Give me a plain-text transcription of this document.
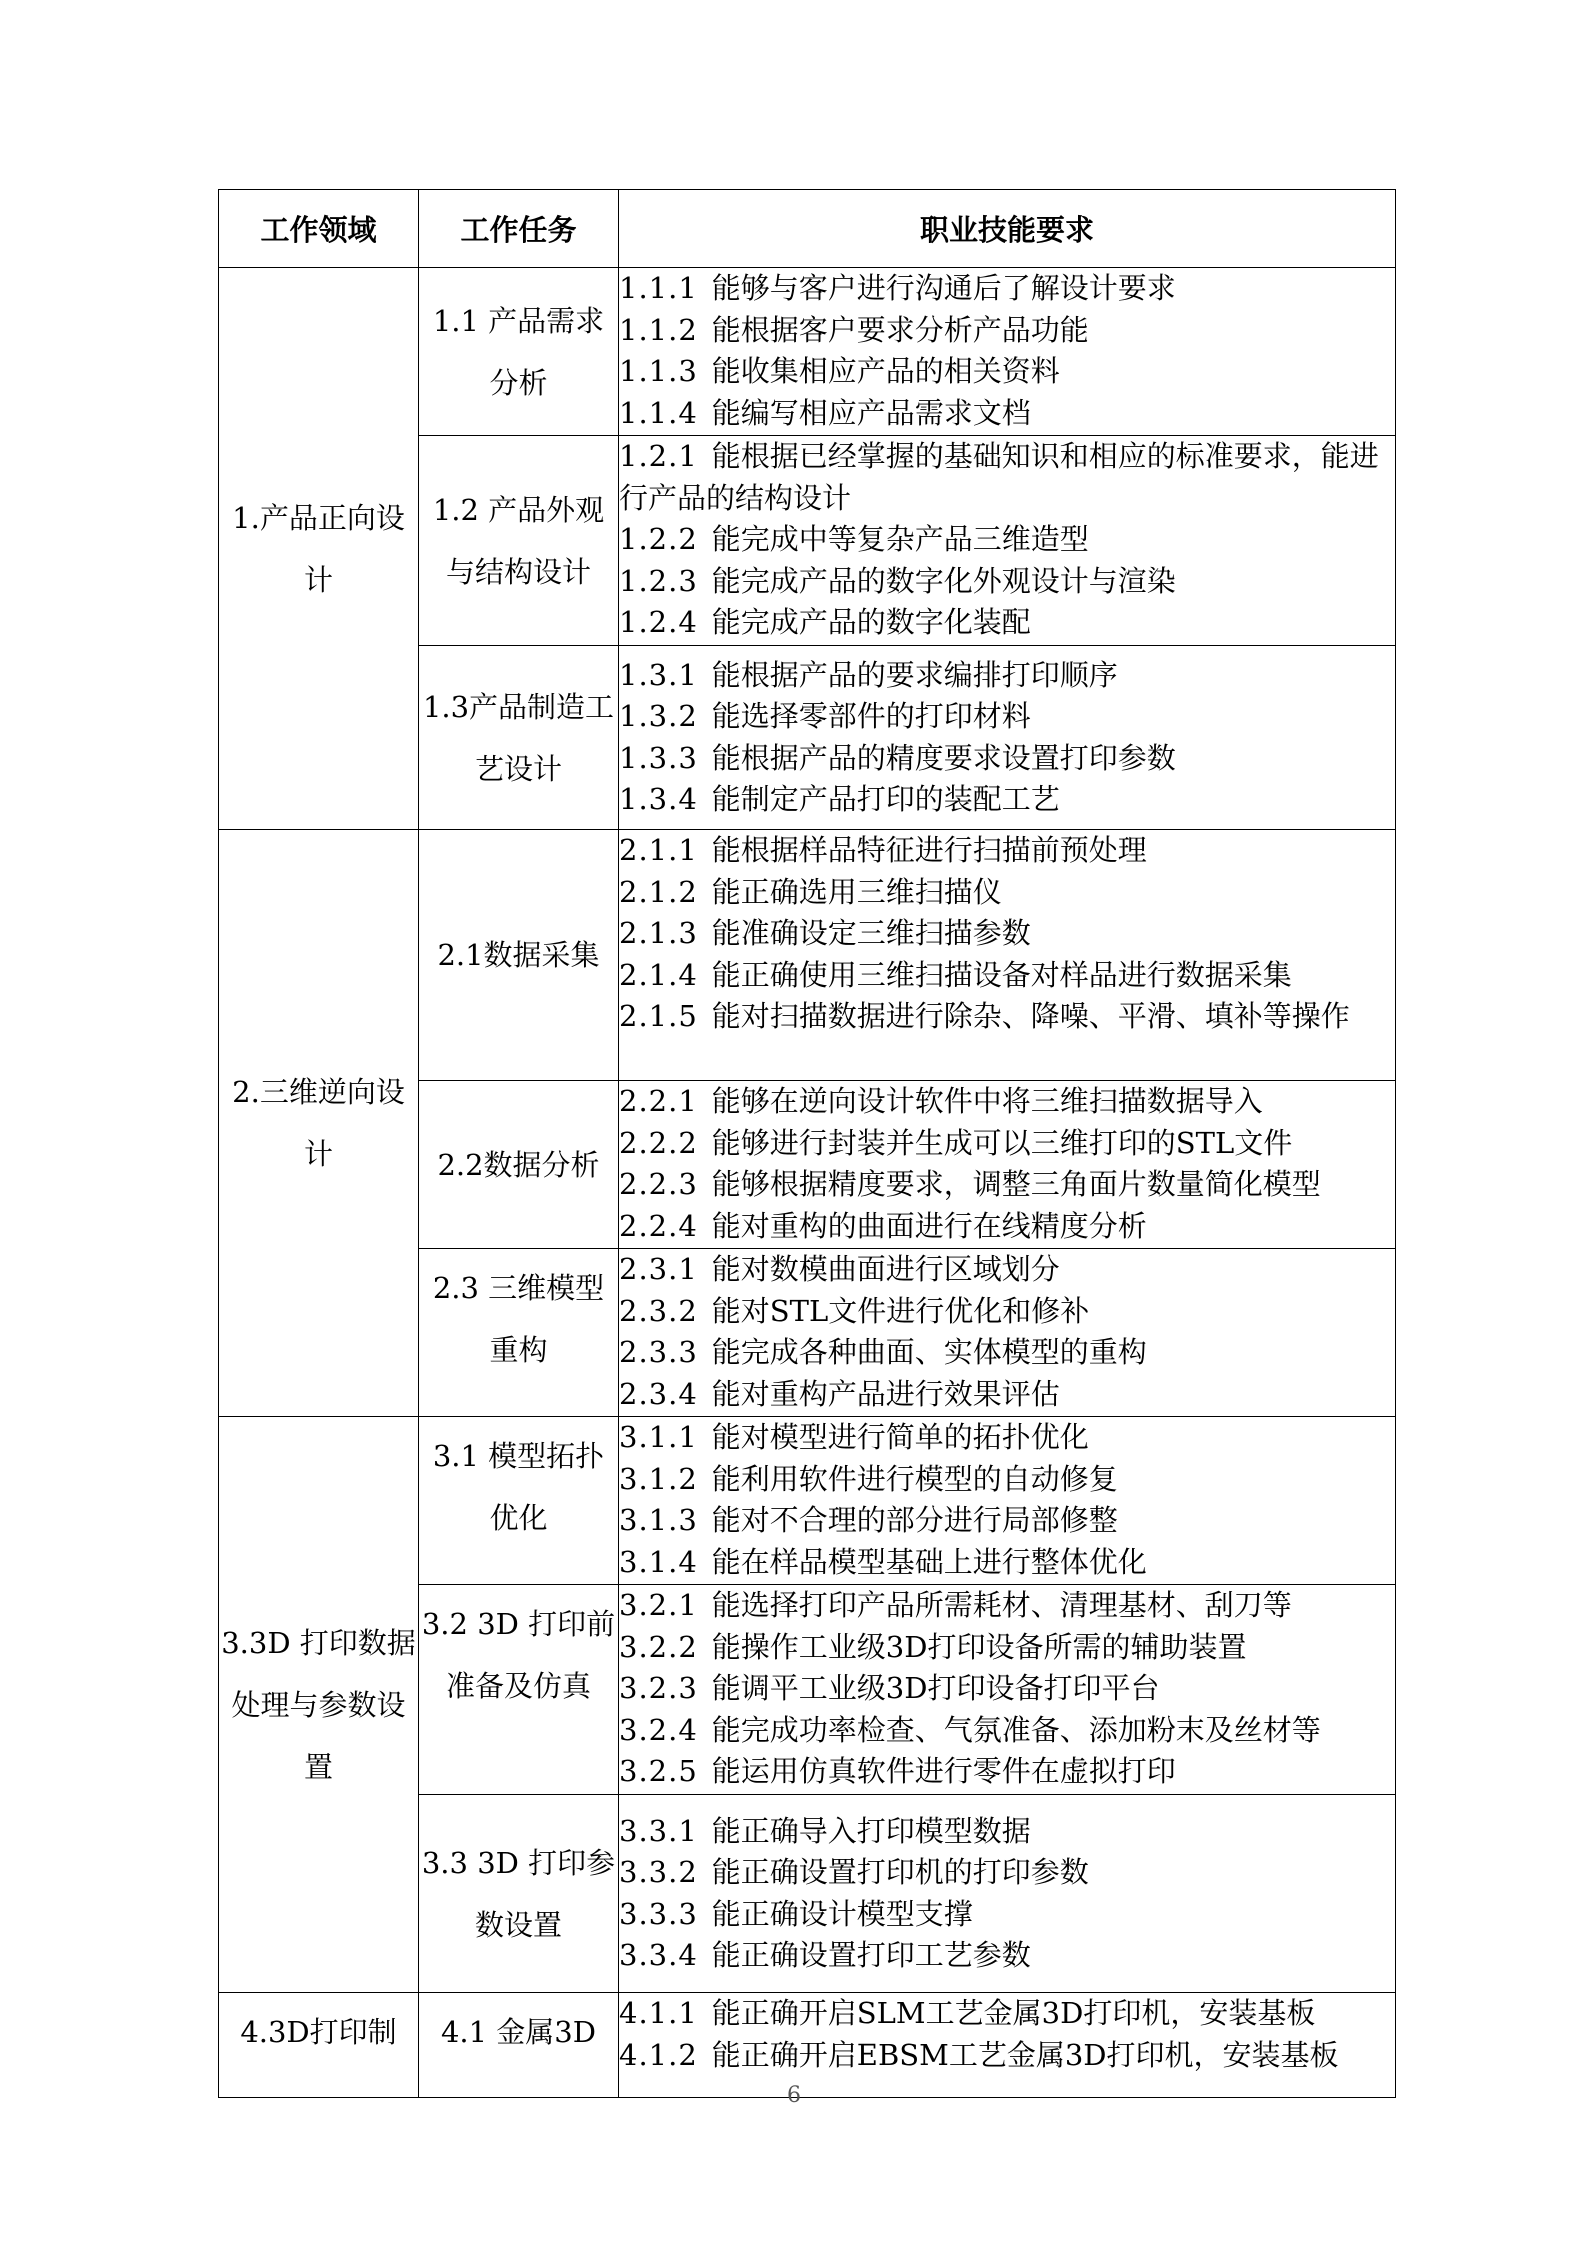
工作领域	工作任务	职业技能要求
1.产品正向设计	1.1 产品需求分析	1.1.1 能够与客户进行沟通后了解设计要求
1.1.2 能根据客户要求分析产品功能
1.1.3 能收集相应产品的相关资料
1.1.4 能编写相应产品需求文档

	1.2 产品外观与结构设计	1.2.1 能根据已经掌握的基础知识和相应的标准要求，能进行产品的结构设计
1.2.2 能完成中等复杂产品三维造型
1.2.3 能完成产品的数字化外观设计与渲染
1.2.4 能完成产品的数字化装配

	1.3产品制造工艺设计	1.3.1 能根据产品的要求编排打印顺序
1.3.2 能选择零部件的打印材料
1.3.3 能根据产品的精度要求设置打印参数
1.3.4 能制定产品打印的装配工艺

2.三维逆向设计	2.1数据采集	2.1.1 能根据样品特征进行扫描前预处理
2.1.2 能正确选用三维扫描仪
2.1.3 能准确设定三维扫描参数
2.1.4 能正确使用三维扫描设备对样品进行数据采集
2.1.5 能对扫描数据进行除杂、降噪、平滑、填补等操作

	2.2数据分析	2.2.1 能够在逆向设计软件中将三维扫描数据导入
2.2.2 能够进行封装并生成可以三维打印的STL文件
2.2.3 能够根据精度要求，调整三角面片数量简化模型
2.2.4 能对重构的曲面进行在线精度分析

	2.3 三维模型重构	2.3.1 能对数模曲面进行区域划分
2.3.2 能对STL文件进行优化和修补
2.3.3 能完成各种曲面、实体模型的重构
2.3.4 能对重构产品进行效果评估

3.3D 打印数据处理与参数设置	3.1 模型拓扑优化	3.1.1 能对模型进行简单的拓扑优化
3.1.2 能利用软件进行模型的自动修复
3.1.3 能对不合理的部分进行局部修整
3.1.4 能在样品模型基础上进行整体优化

	3.2 3D 打印前准备及仿真	3.2.1 能选择打印产品所需耗材、清理基材、刮刀等
3.2.2 能操作工业级3D打印设备所需的辅助装置
3.2.3 能调平工业级3D打印设备打印平台
3.2.4 能完成功率检查、气氛准备、添加粉末及丝材等
3.2.5 能运用仿真软件进行零件在虚拟打印

	3.3 3D 打印参数设置	3.3.1 能正确导入打印模型数据
3.3.2 能正确设置打印机的打印参数
3.3.3 能正确设计模型支撑
3.3.4 能正确设置打印工艺参数

4.3D打印制	4.1 金属3D	4.1.1 能正确开启SLM工艺金属3D打印机，安装基板
4.1.2 能正确开启EBSM工艺金属3D打印机，安装基板
6
